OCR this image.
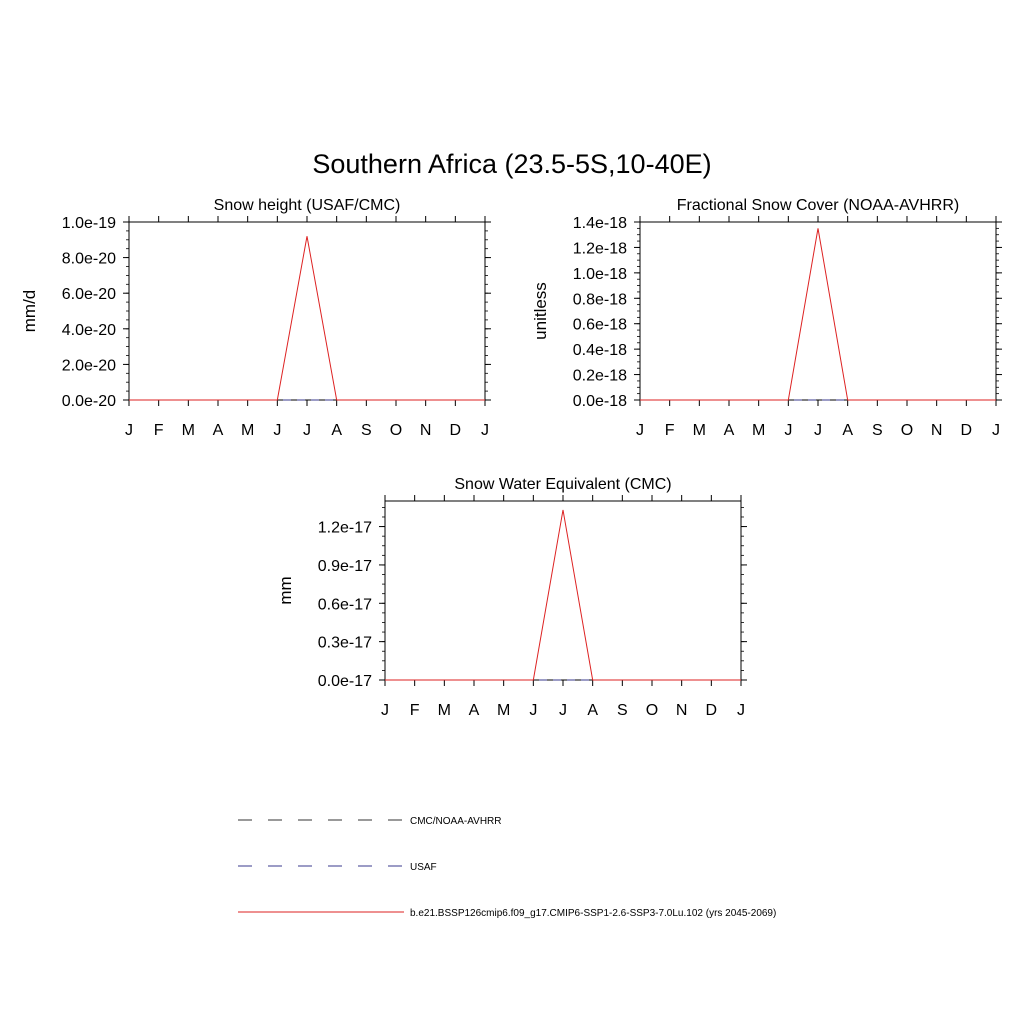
Southern Africa (23.5-5S,10-40E)
Snow height (USAF/CMC)
mm/d
J F M A M J J A S O N D J
0.0e-20
2.0e-20
4.0e-20
6.0e-20
8.0e-20
1.0e-19
Fractional Snow Cover (NOAA-AVHRR)
unitless
J F M A M J J A S O N D J
0.0e-18
0.2e-18
0.4e-18
0.6e-18
0.8e-18
1.0e-18
1.2e-18
1.4e-18
Snow Water Equivalent (CMC)
mm
J F M A M J J A S O N D J
0.0e-17
0.3e-17
0.6e-17
0.9e-17
1.2e-17
CMC/NOAA-AVHRR
USAF
b.e21.BSSP126cmip6.f09_g17.CMIP6-SSP1-2.6-SSP3-7.0Lu.102 (yrs 2045-2069)
